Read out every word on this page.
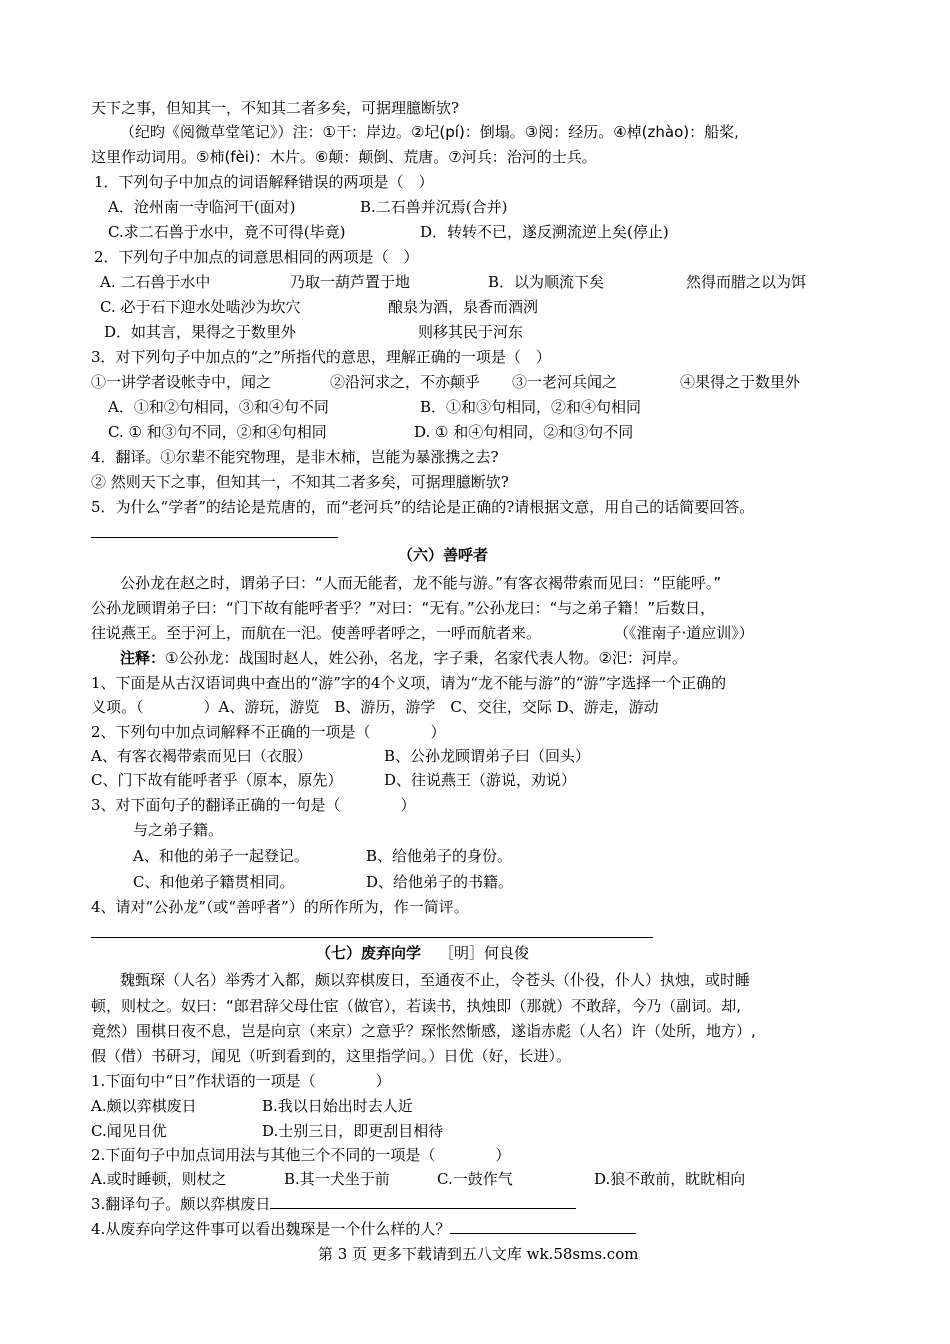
天下之事，但知其一，不知其二者多矣，可据理臆断欤?
（纪昀《阅微草堂笔记》）注：①干：岸边。②圮(pí)：倒塌。③阅：经历。④棹(zhào)：船桨,
这里作动词用。⑤柿(fèi)：木片。⑥颠：颠倒、荒唐。⑦河兵：治河的士兵。
1．下列句子中加点的词语解释错误的两项是（　）
A．沧州南一寺临河干(面对)	B.二石兽并沉焉(合并)
C.求二石兽于水中，竟不可得(毕竟)	D．转转不已，遂反溯流逆上矣(停止)
2．下列句子中加点的词意思相同的两项是（　）
A. 二石兽于水中	乃取一葫芦置于地	B．以为顺流下矣	然得而腊之以为饵
C. 必于石下迎水处啮沙为坎穴	酿泉为酒，泉香而酒洌
D．如其言，果得之于数里外	则移其民于河东
3．对下列句子中加点的“之”所指代的意思，理解正确的一项是（　）
①一讲学者设帐寺中，闻之	②沿河求之，不亦颠乎 ③一老河兵闻之	④果得之于数里外
A．①和②句相同，③和④句不同	B．①和③句相同，②和④句相同
C. ① 和③句不同，②和④句相同	D. ① 和④句相同，②和③句不同
4．翻译。①尔辈不能究物理，是非木柿，岂能为暴涨携之去?
② 然则天下之事，但知其一，不知其二者多矣，可据理臆断欤?
5．为什么“学者”的结论是荒唐的，而“老河兵”的结论是正确的?请根据文意，用自己的话简要回答。
（六）善呼者
公孙龙在赵之时，谓弟子曰：“人而无能者，龙不能与游。”有客衣褐带索而见曰：“臣能呼。”
公孙龙顾谓弟子曰：“门下故有能呼者乎？”对曰：“无有。”公孙龙曰：“与之弟子籍！”后数日，
往说燕王。至于河上，而航在一汜。使善呼者呼之，一呼而航者来。	（《淮南子·道应训》）
注释：①公孙龙：战国时赵人，姓公孙，名龙，字子秉，名家代表人物。②汜：河岸。
1、下面是从古汉语词典中查出的“游”字的4个义项，请为“龙不能与游”的“游”字选择一个正确的
义项。（　　　　）A、游玩，游览　B、游历，游学　C、交往，交际 D、游走，游动
2、下列句中加点词解释不正确的一项是（　　　　）
A、有客衣褐带索而见曰（衣服）	B、公孙龙顾谓弟子曰（回头）
C、门下故有能呼者乎（原本，原先）	D、往说燕王（游说，劝说）
3、对下面句子的翻译正确的一句是（　　　　）
与之弟子籍。
A、和他的弟子一起登记。	B、给他弟子的身份。
C、和他弟子籍贯相同。	D、给他弟子的书籍。
4、请对“公孙龙”（或“善呼者”）的所作所为，作一简评。
（七）废弃向学 ［明］何良俊
魏甄琛（人名）举秀才入都，颇以弈棋废日，至通夜不止，令苍头（仆役，仆人）执烛，或时睡
顿，则杖之。奴曰：“郎君辞父母仕宦（做官），若读书，执烛即（那就）不敢辞，今乃（副词。却,
竟然）围棋日夜不息，岂是向京（来京）之意乎？琛怅然惭感，遂诣赤彪（人名）许（处所，地方）,
假（借）书研习，闻见（听到看到的，这里指学问。）日优（好，长进）。
1.下面句中“日”作状语的一项是（　　　　）
A.颇以弈棋废日	B.我以日始出时去人近
C.闻见日优	D.士别三日，即更刮目相待
2.下面句子中加点词用法与其他三个不同的一项是（　　　　）
A.或时睡顿，则杖之	B.其一犬坐于前	C.一鼓作气	D.狼不敢前，眈眈相向
3.翻译句子。颇以弈棋废日
4.从废弃向学这件事可以看出魏琛是一个什么样的人？
第 3 页 更多下载请到五八文库 wk.58sms.com
